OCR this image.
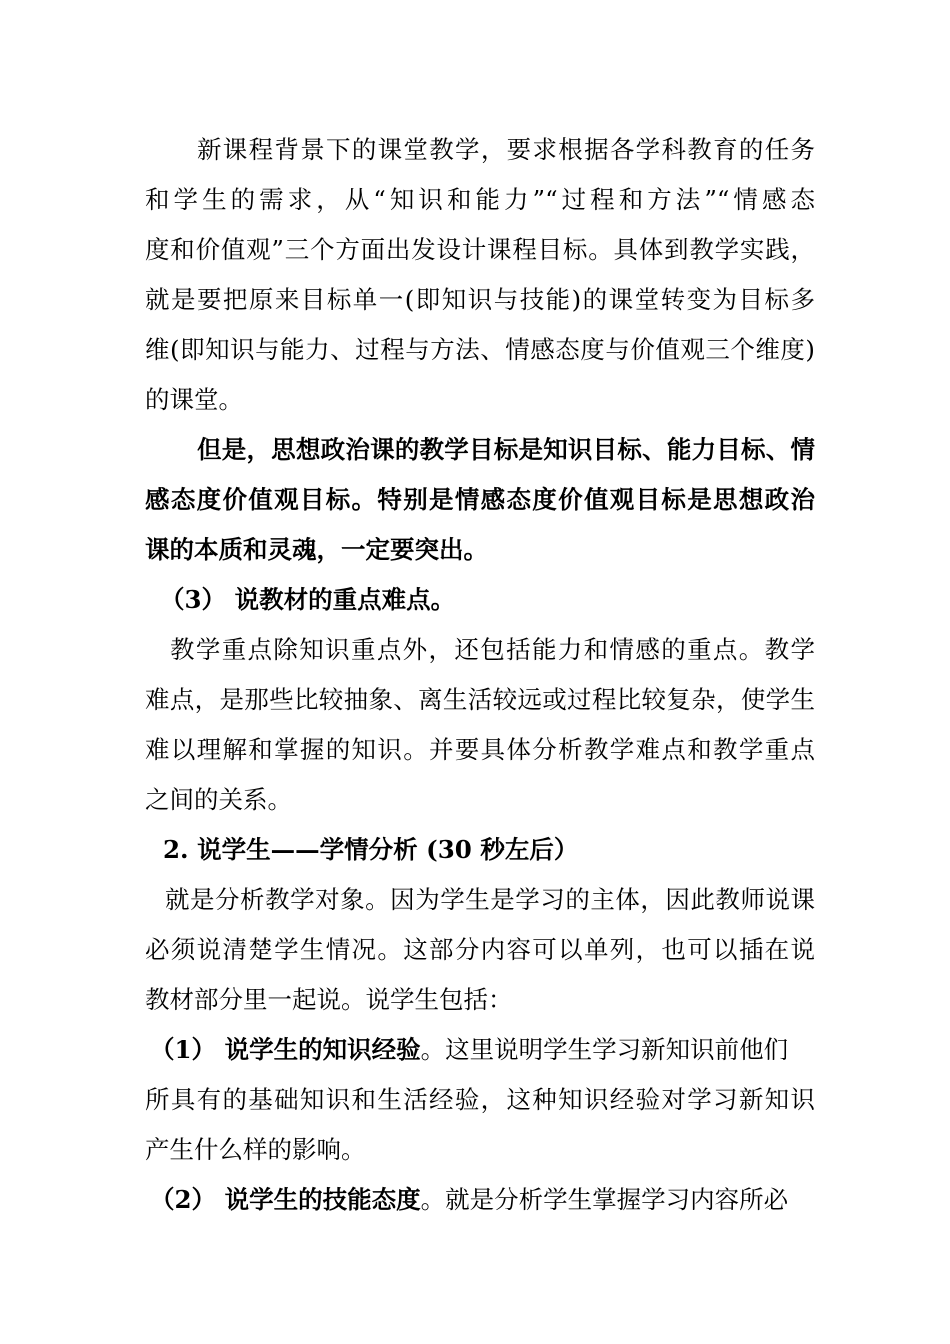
新课程背景下的课堂教学，要求根据各学科教育的任务
和学生的需求，从“知识和能力”“过程和方法”“情感态
度和价值观”三个方面出发设计课程目标。具体到教学实践，
就是要把原来目标单一(即知识与技能)的课堂转变为目标多
维(即知识与能力、过程与方法、情感态度与价值观三个维度)
的课堂。
但是，思想政治课的教学目标是知识目标、能力目标、情
感态度价值观目标。特别是情感态度价值观目标是思想政治
课的本质和灵魂，一定要突出。
（3） 说教材的重点难点。
教学重点除知识重点外，还包括能力和情感的重点。教学
难点，是那些比较抽象、离生活较远或过程比较复杂，使学生
难以理解和掌握的知识。并要具体分析教学难点和教学重点
之间的关系。
2. 说学生——学情分析 (30 秒左后）
就是分析教学对象。因为学生是学习的主体，因此教师说课
必须说清楚学生情况。这部分内容可以单列，也可以插在说
教材部分里一起说。说学生包括：
（1） 说学生的知识经验。这里说明学生学习新知识前他们
所具有的基础知识和生活经验，这种知识经验对学习新知识
产生什么样的影响。
（2） 说学生的技能态度。就是分析学生掌握学习内容所必
